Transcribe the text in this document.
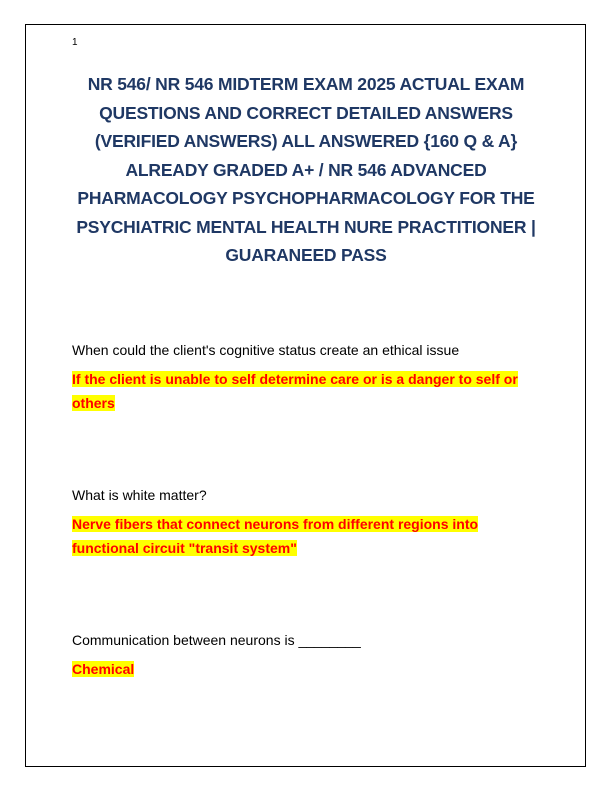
1
NR 546/ NR 546 MIDTERM EXAM 2025 ACTUAL EXAM QUESTIONS AND CORRECT DETAILED ANSWERS (VERIFIED ANSWERS) ALL ANSWERED {160 Q & A} ALREADY GRADED A+ / NR 546 ADVANCED PHARMACOLOGY PSYCHOPHARMACOLOGY FOR THE PSYCHIATRIC MENTAL HEALTH NURE PRACTITIONER | GUARANEED PASS
When could the client's cognitive status create an ethical issue
If the client is unable to self determine care or is a danger to self or others
What is white matter?
Nerve fibers that connect neurons from different regions into functional circuit "transit system"
Communication between neurons is ________
Chemical
